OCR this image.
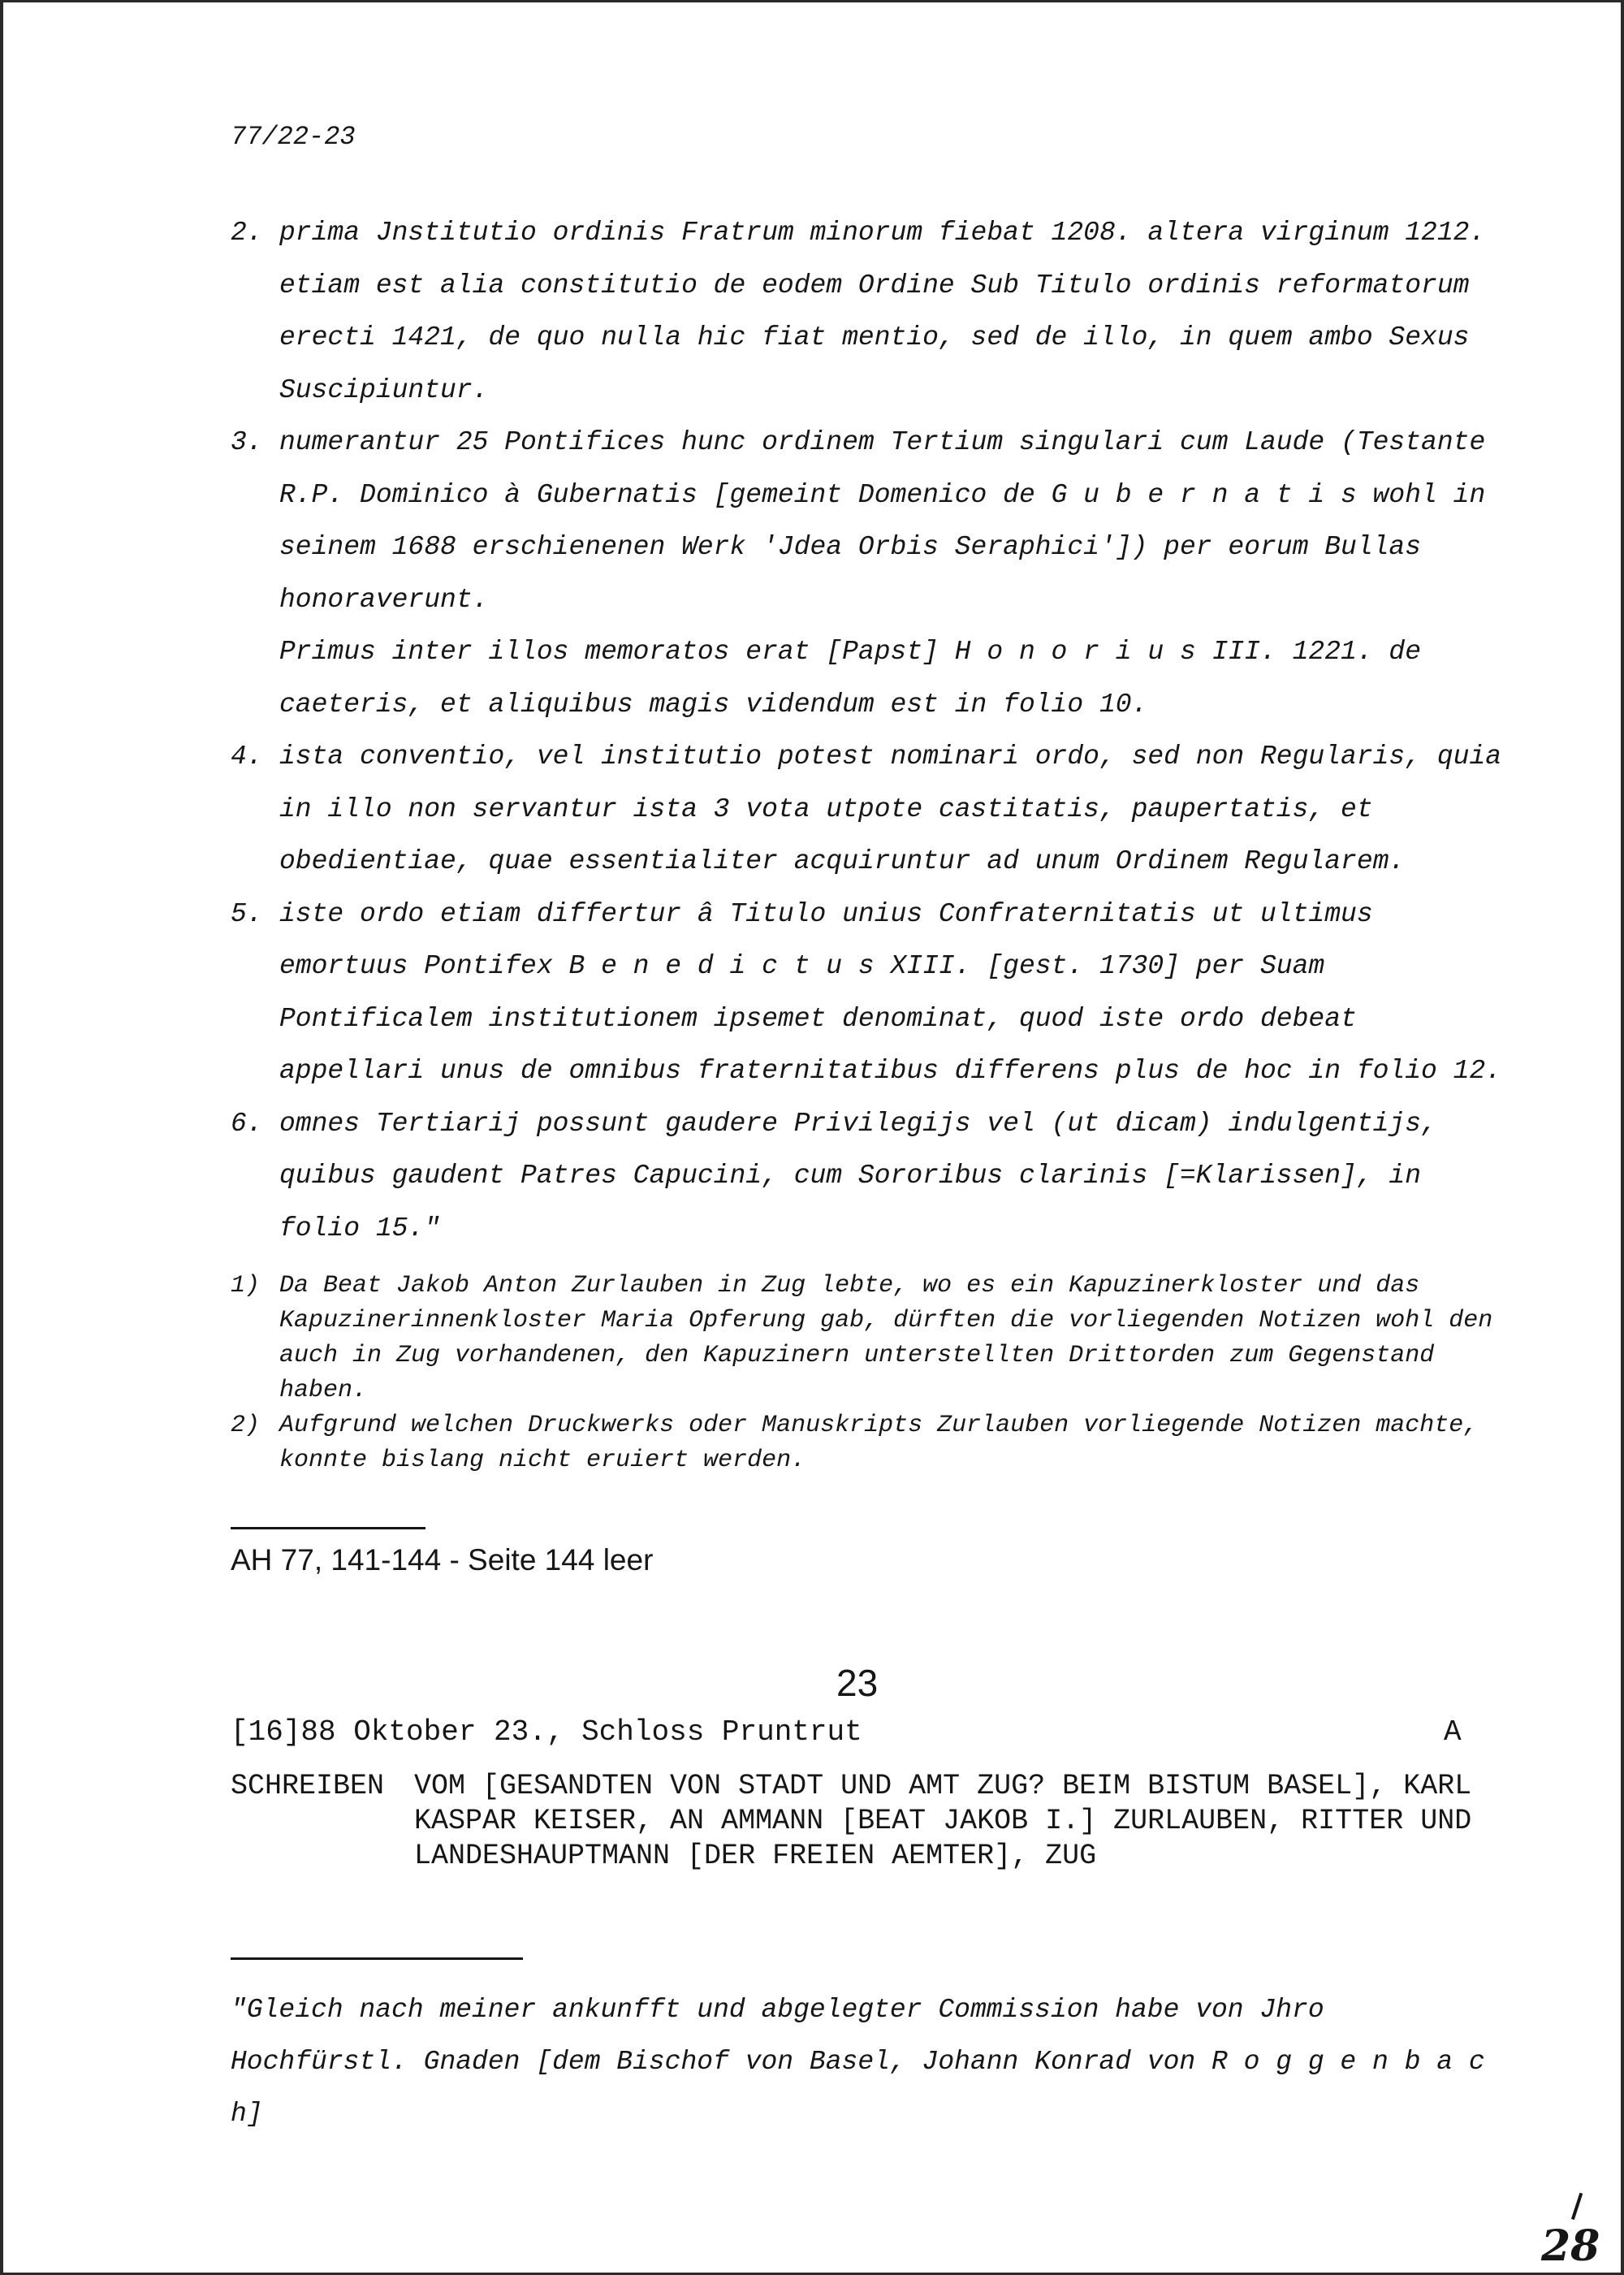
77/22-23
2. prima Jnstitutio ordinis Fratrum minorum fiebat 1208. altera virginum 1212. etiam est alia constitutio de eodem Ordine Sub Titulo ordinis reformatorum erecti 1421, de quo nulla hic fiat mentio, sed de illo, in quem ambo Sexus Suscipiuntur.
3. numerantur 25 Pontifices hunc ordinem Tertium singulari cum Laude (Testante R.P. Dominico à Gubernatis [gemeint Domenico de G u b e r n a t i s wohl in seinem 1688 erschienenen Werk 'Jdea Orbis Seraphici']) per eorum Bullas honoraverunt.
Primus inter illos memoratos erat [Papst] H o n o r i u s III. 1221. de caeteris, et aliquibus magis videndum est in folio 10.
4. ista conventio, vel institutio potest nominari ordo, sed non Regularis, quia in illo non servantur ista 3 vota utpote castitatis, paupertatis, et obedientiae, quae essentialiter acquiruntur ad unum Ordinem Regularem.
5. iste ordo etiam differtur â Titulo unius Confraternitatis ut ultimus emortuus Pontifex B e n e d i c t u s XIII. [gest. 1730] per Suam Pontificalem institutionem ipsemet denominat, quod iste ordo debeat appellari unus de omnibus fraternitatibus differens plus de hoc in folio 12.
6. omnes Tertiarij possunt gaudere Privilegijs vel (ut dicam) indulgentijs, quibus gaudent Patres Capucini, cum Sororibus clarinis [=Klarissen], in folio 15."
1) Da Beat Jakob Anton Zurlauben in Zug lebte, wo es ein Kapuzinerkloster und das Kapuzinerinnenkloster Maria Opferung gab, dürften die vorliegenden Notizen wohl den auch in Zug vorhandenen, den Kapuzinern unterstellten Drittorden zum Gegenstand haben.
2) Aufgrund welchen Druckwerks oder Manuskripts Zurlauben vorliegende Notizen machte, konnte bislang nicht eruiert werden.
AH 77, 141-144 - Seite 144 leer
23
[16]88 Oktober 23., Schloss Pruntrut	A
SCHREIBEN	VOM [GESANDTEN VON STADT UND AMT ZUG? BEIM BISTUM BASEL], KARL KASPAR KEISER, AN AMMANN [BEAT JAKOB I.] ZURLAUBEN, RITTER UND LANDESHAUPTMANN [DER FREIEN AEMTER], ZUG
"Gleich nach meiner ankunfft und abgelegter Commission habe von Jhro Hochfürstl. Gnaden [dem Bischof von Basel, Johann Konrad von R o g g e n b a c h]
28
